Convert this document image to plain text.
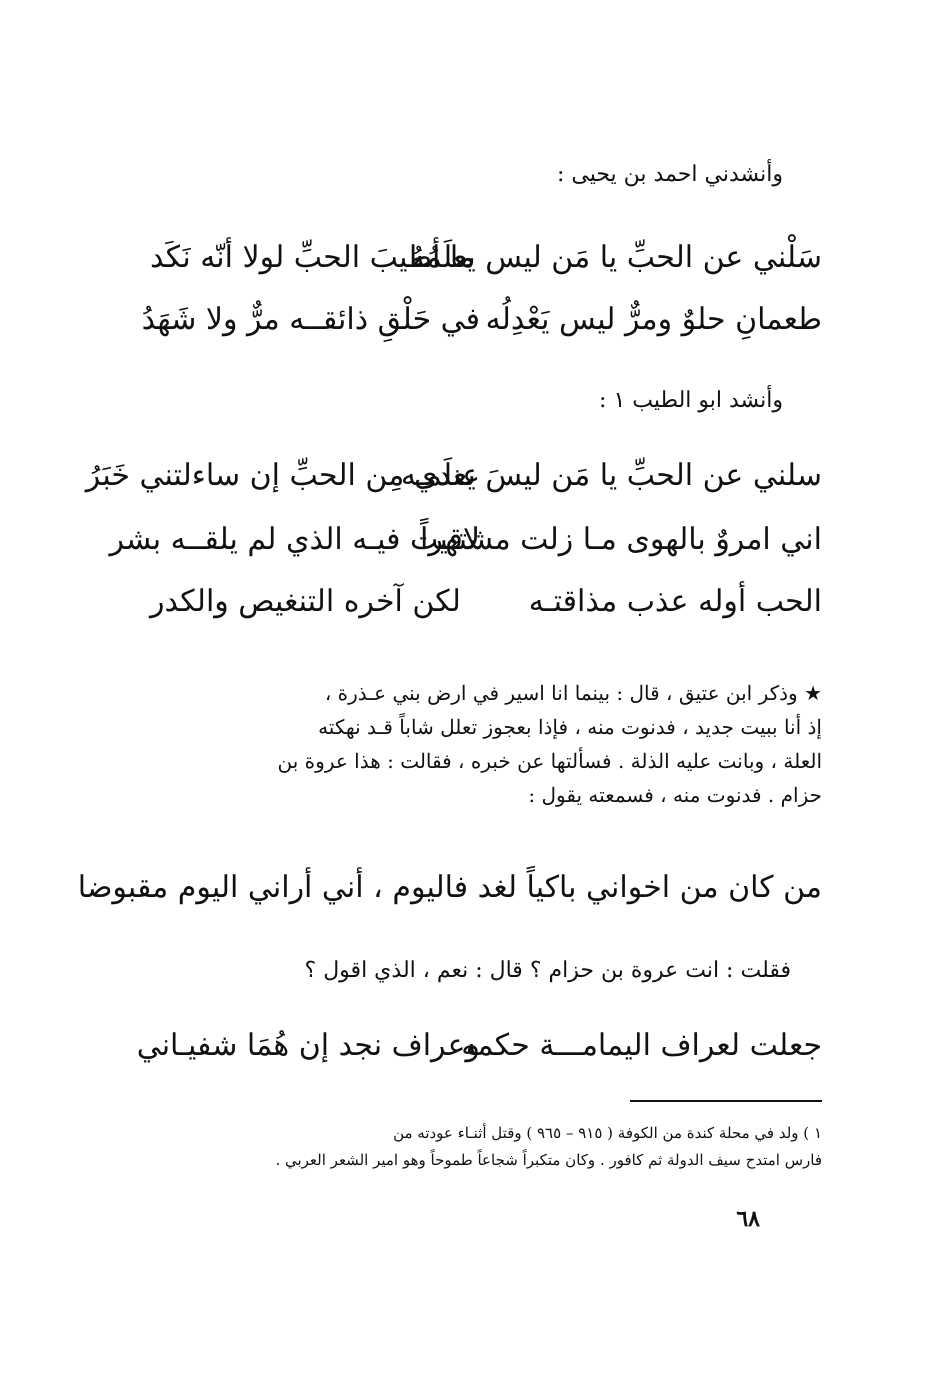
وأنشدني احمد بن يحيى :
سَلْني عن الحبِّ يا مَن ليس يعلَمُهُ
ما أطيبَ الحبِّ لولا أنّه نَكَد
طعمانِ حلوٌ ومرٌّ ليس يَعْدِلُه
في حَلْقِ ذائقــه مرٌّ ولا شَهَدُ
وأنشد ابو الطيب ١ :
سلني عن الحبِّ يا مَن ليسَ يعلَمـه
عندي مِن الحبِّ إن ساءلتني خَبَرُ
اني امروٌ بالهوى مـا زلت مشتهراً
لاقيت فيـه الذي لم يلقــه بشر
الحب أوله عذب مذاقتـه
لكن آخره التنغيص والكدر

★ وذكر ابن عتيق ، قال : بينما انا اسير في ارض بني عـذرة ،

إذ أنا ببيت جديد ، فدنوت منه ، فإذا بعجوز تعلل شاباً قـد نهكته

العلة ، وبانت عليه الذلة . فسألتها عن خبره ، فقالت : هذا عروة بن

حزام . فدنوت منه ، فسمعته يقول :

من كان من اخواني باكياً لغد فاليوم ، أني أراني اليوم مقبوضا
فقلت : انت عروة بن حزام ؟ قال : نعم ، الذي اقول ؟
جعلت لعراف اليمامـــة حكمه
وعراف نجد إن هُمَا شفيـاني

١ ) ولد في محلة كندة من الكوفة ( ٩١٥ – ٩٦٥ ) وقتل أثنـاء عودته من

فارس امتدح سيف الدولة ثم كافور . وكان متكبراً شجاعاً طموحاً وهو امير الشعر العربي .

٦٨
